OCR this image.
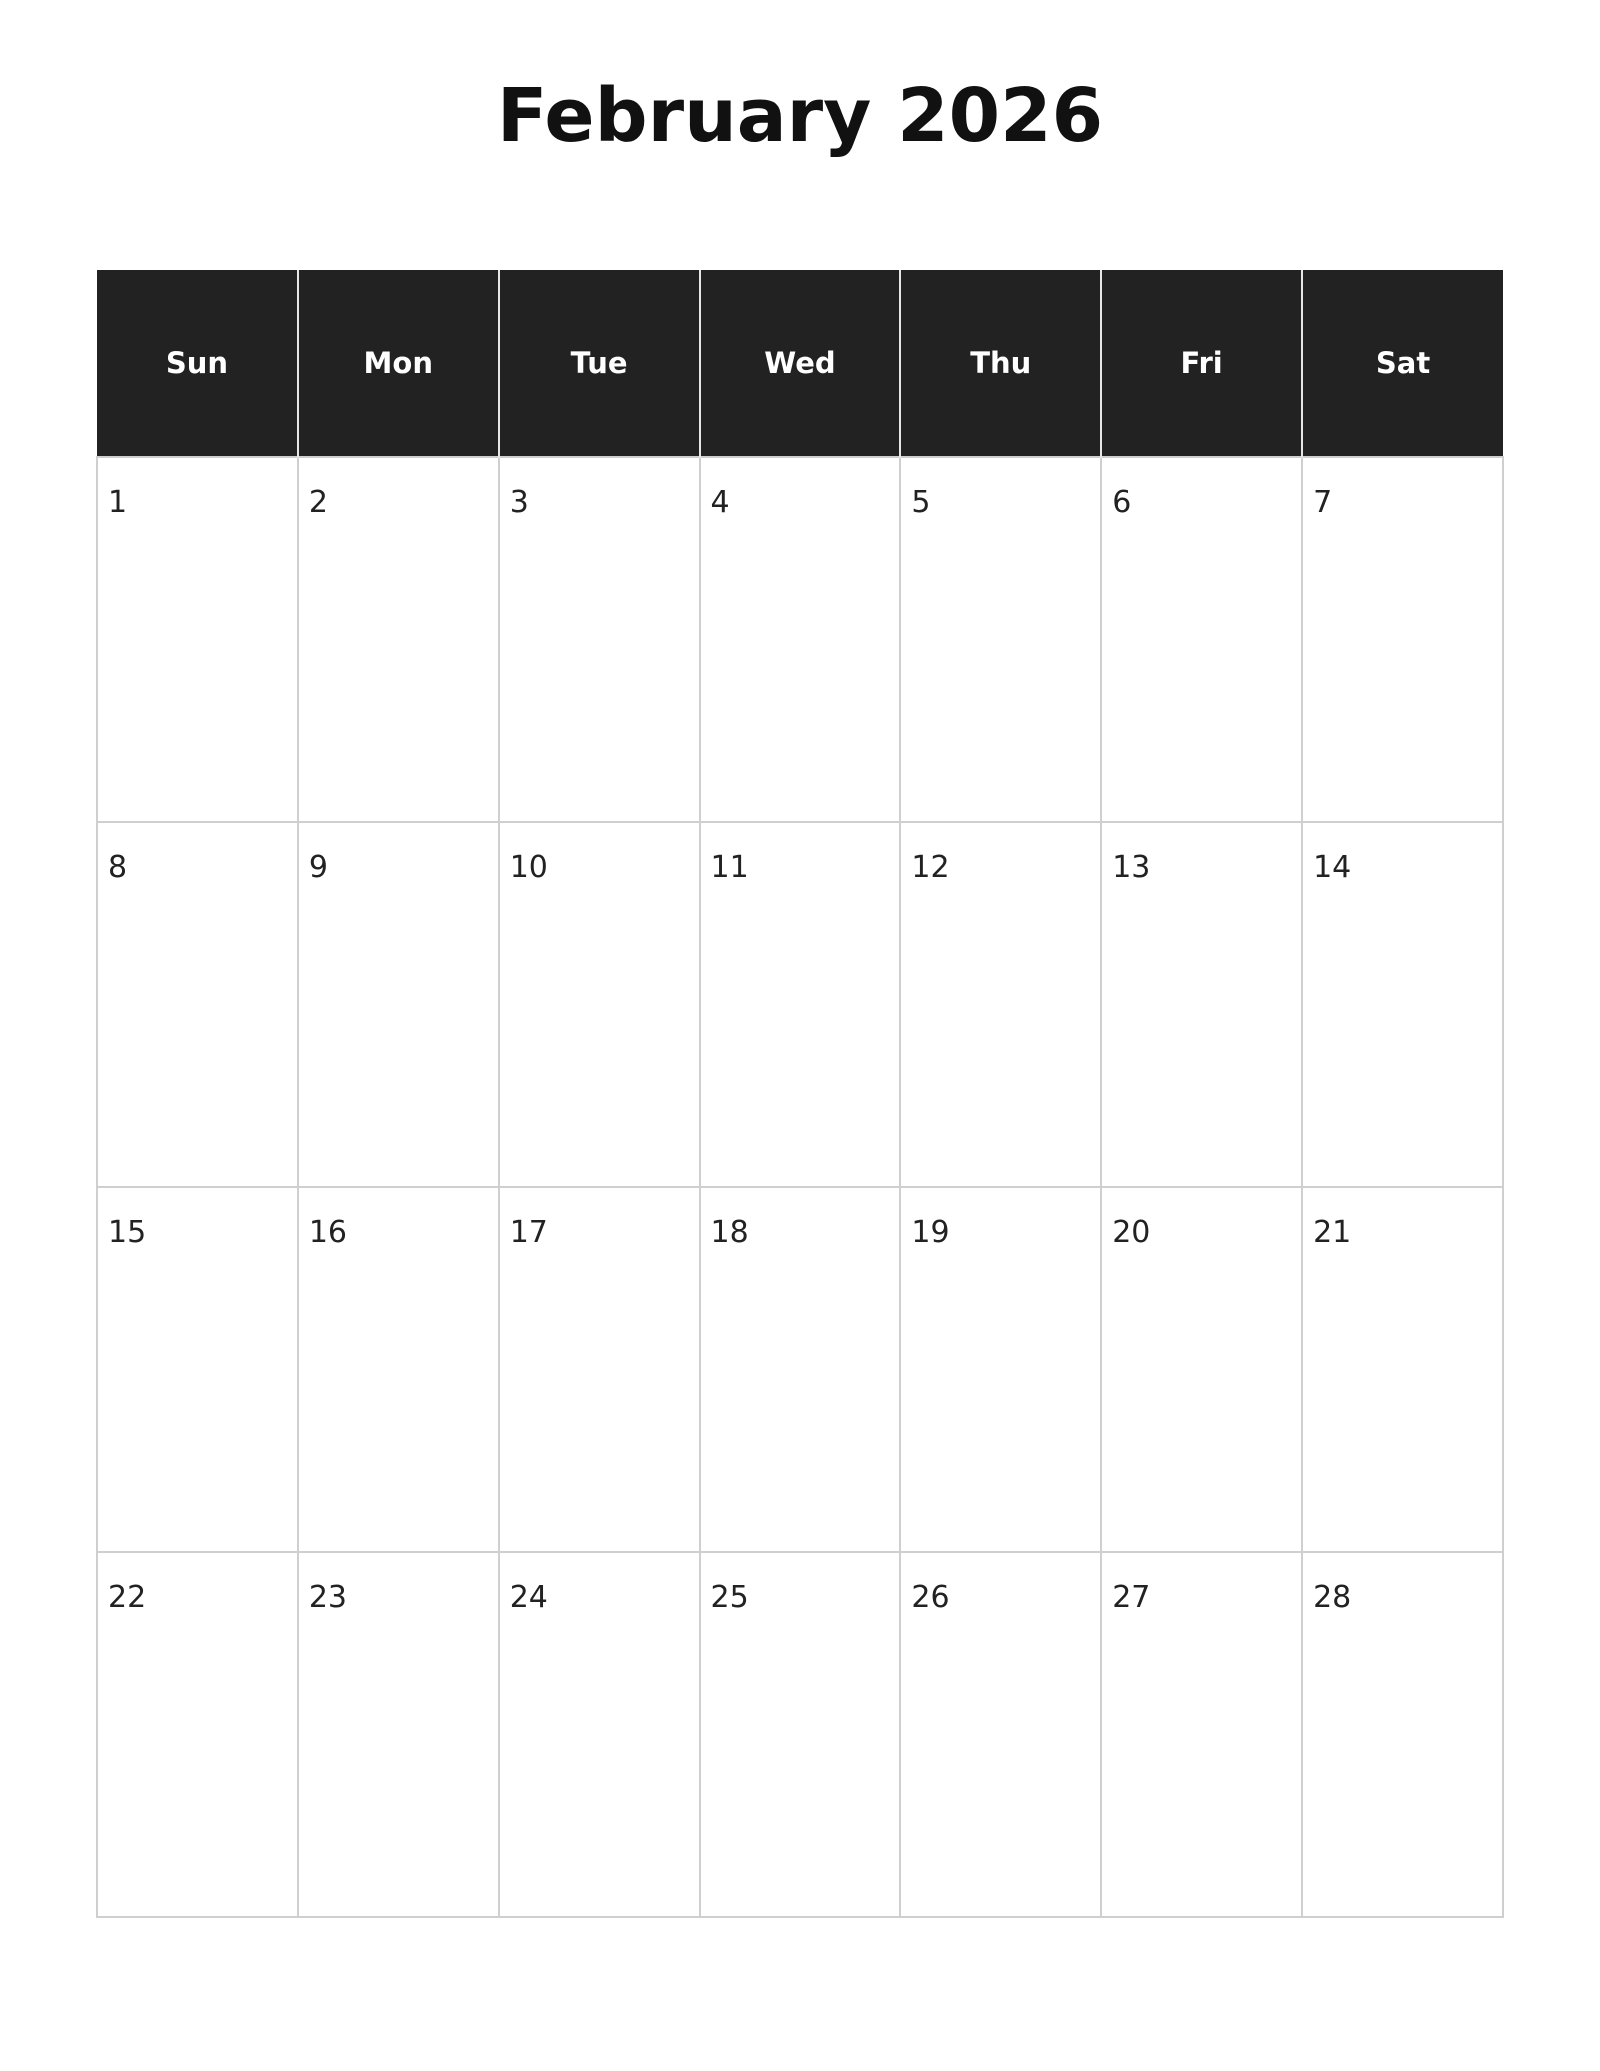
February 2026
Sun	Mon	Tue	Wed	Thu	Fri	Sat

1	2	3	4	5	6	7

8	9	10	11	12	13	14

15	16	17	18	19	20	21

22	23	24	25	26	27	28
